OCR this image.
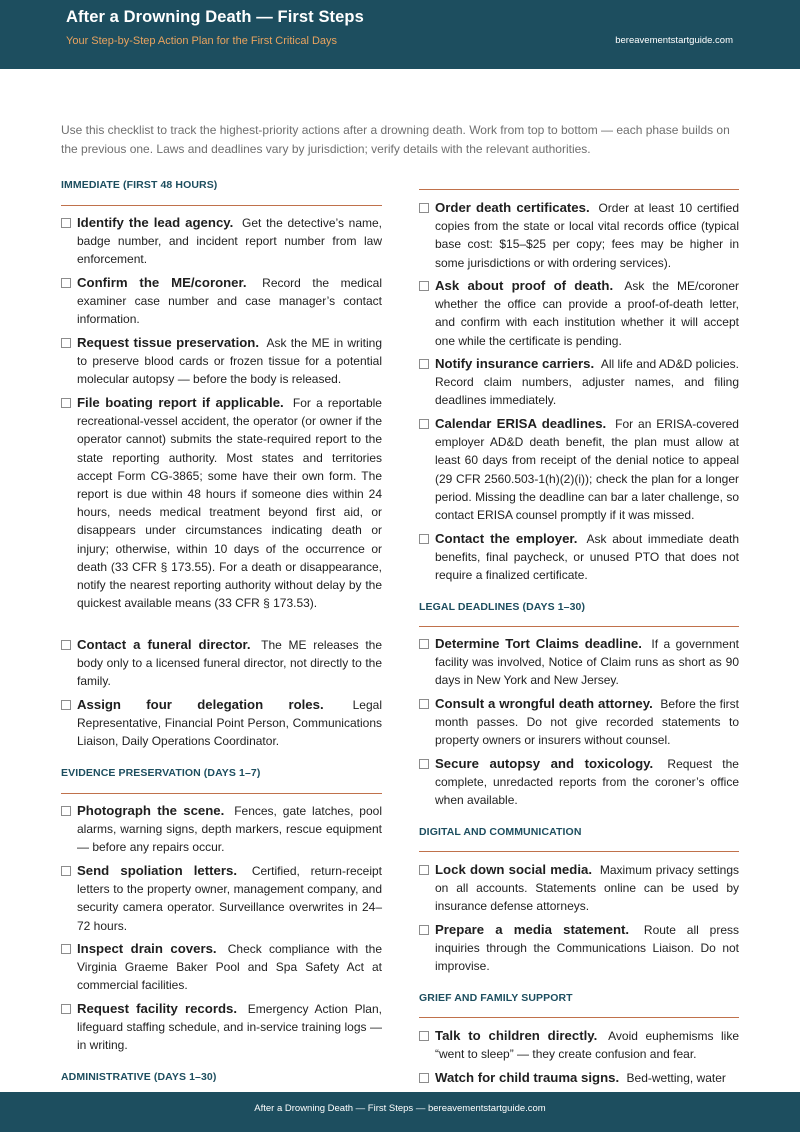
After a Drowning Death — First Steps
Your Step-by-Step Action Plan for the First Critical Days	bereavementstartguide.com
Use this checklist to track the highest-priority actions after a drowning death. Work from top to bottom — each phase builds on the previous one. Laws and deadlines vary by jurisdiction; verify details with the relevant authorities.
IMMEDIATE (FIRST 48 HOURS)
Identify the lead agency. Get the detective’s name, badge number, and incident report number from law enforcement.
Confirm the ME/coroner. Record the medical examiner case number and case manager’s contact information.
Request tissue preservation. Ask the ME in writing to preserve blood cards or frozen tissue for a potential molecular autopsy — before the body is released.
File boating report if applicable. For a reportable recreational-vessel accident, the operator (or owner if the operator cannot) submits the state-required report to the state reporting authority. Most states and territories accept Form CG-3865; some have their own form. The report is due within 48 hours if someone dies within 24 hours, needs medical treatment beyond first aid, or disappears under circumstances indicating death or injury; otherwise, within 10 days of the occurrence or death (33 CFR § 173.55). For a death or disappearance, notify the nearest reporting authority without delay by the quickest available means (33 CFR § 173.53).
Contact a funeral director. The ME releases the body only to a licensed funeral director, not directly to the family.
Assign four delegation roles. Legal Representative, Financial Point Person, Communications Liaison, Daily Operations Coordinator.
EVIDENCE PRESERVATION (DAYS 1–7)
Photograph the scene. Fences, gate latches, pool alarms, warning signs, depth markers, rescue equipment — before any repairs occur.
Send spoliation letters. Certified, return-receipt letters to the property owner, management company, and security camera operator. Surveillance overwrites in 24–72 hours.
Inspect drain covers. Check compliance with the Virginia Graeme Baker Pool and Spa Safety Act at commercial facilities.
Request facility records. Emergency Action Plan, lifeguard staffing schedule, and in-service training logs — in writing.
ADMINISTRATIVE (DAYS 1–30)
Order death certificates. Order at least 10 certified copies from the state or local vital records office (typical base cost: $15–$25 per copy; fees may be higher in some jurisdictions or with ordering services).
Ask about proof of death. Ask the ME/coroner whether the office can provide a proof-of-death letter, and confirm with each institution whether it will accept one while the certificate is pending.
Notify insurance carriers. All life and AD&D policies. Record claim numbers, adjuster names, and filing deadlines immediately.
Calendar ERISA deadlines. For an ERISA-covered employer AD&D death benefit, the plan must allow at least 60 days from receipt of the denial notice to appeal (29 CFR 2560.503-1(h)(2)(i)); check the plan for a longer period. Missing the deadline can bar a later challenge, so contact ERISA counsel promptly if it was missed.
Contact the employer. Ask about immediate death benefits, final paycheck, or unused PTO that does not require a finalized certificate.
LEGAL DEADLINES (DAYS 1–30)
Determine Tort Claims deadline. If a government facility was involved, Notice of Claim runs as short as 90 days in New York and New Jersey.
Consult a wrongful death attorney. Before the first month passes. Do not give recorded statements to property owners or insurers without counsel.
Secure autopsy and toxicology. Request the complete, unredacted reports from the coroner’s office when available.
DIGITAL AND COMMUNICATION
Lock down social media. Maximum privacy settings on all accounts. Statements online can be used by insurance defense attorneys.
Prepare a media statement. Route all press inquiries through the Communications Liaison. Do not improvise.
GRIEF AND FAMILY SUPPORT
Talk to children directly. Avoid euphemisms like “went to sleep” — they create confusion and fear.
Watch for child trauma signs. Bed-wetting, water
After a Drowning Death — First Steps — bereavementstartguide.com
